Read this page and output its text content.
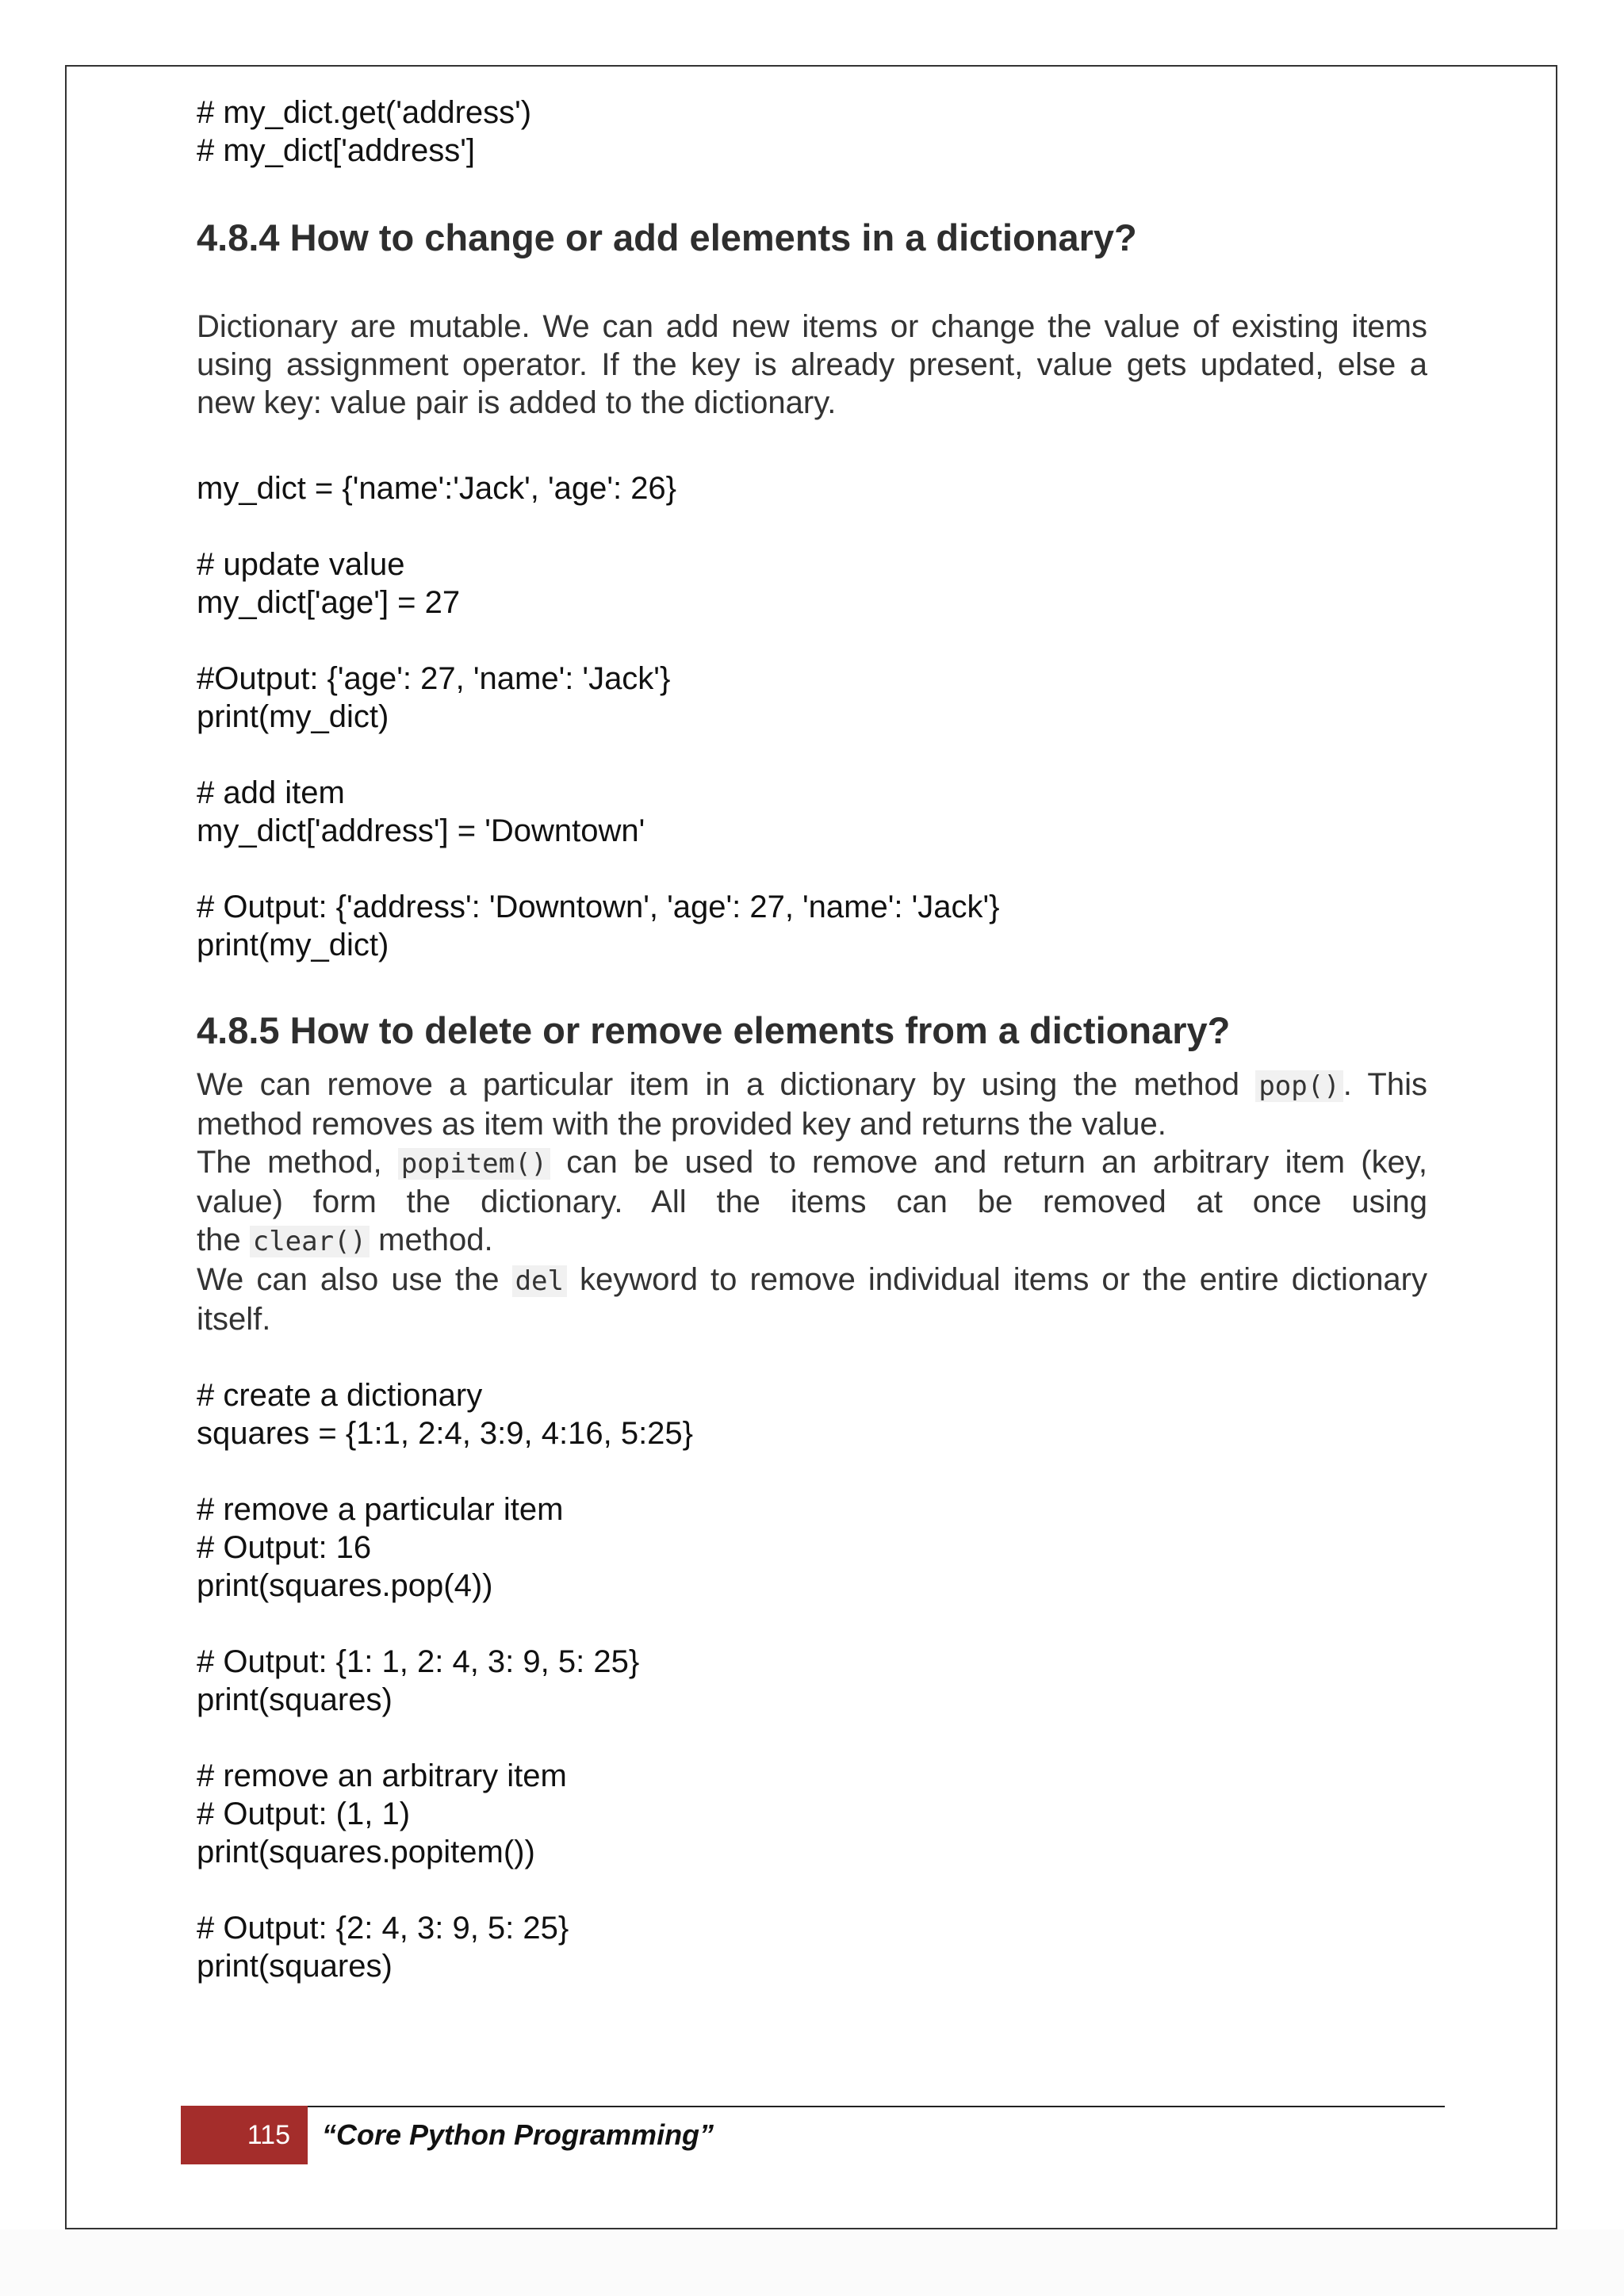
# my_dict.get('address')
# my_dict['address']
4.8.4 How to change or add elements in a dictionary?
Dictionary are mutable. We can add new items or change the value of existing items
using assignment operator. If the key is already present, value gets updated, else a
new key: value pair is added to the dictionary.
my_dict = {'name':'Jack', 'age': 26}
# update value
my_dict['age'] = 27
#Output: {'age': 27, 'name': 'Jack'}
print(my_dict)
# add item
my_dict['address'] = 'Downtown'
# Output: {'address': 'Downtown', 'age': 27, 'name': 'Jack'}
print(my_dict)
4.8.5 How to delete or remove elements from a dictionary?
We can remove a particular item in a dictionary by using the method pop() . This
method removes as item with the provided key and returns the value.
The method, popitem() can be used to remove and return an arbitrary item (key,
value) form the dictionary. All the items can be removed at once using
the clear() method.
We can also use the del keyword to remove individual items or the entire dictionary
itself.
# create a dictionary
squares = {1:1, 2:4, 3:9, 4:16, 5:25}
# remove a particular item
# Output: 16
print(squares.pop(4))
# Output: {1: 1, 2: 4, 3: 9, 5: 25}
print(squares)
# remove an arbitrary item
# Output: (1, 1)
print(squares.popitem())
# Output: {2: 4, 3: 9, 5: 25}
print(squares)
115 “Core Python Programming”
